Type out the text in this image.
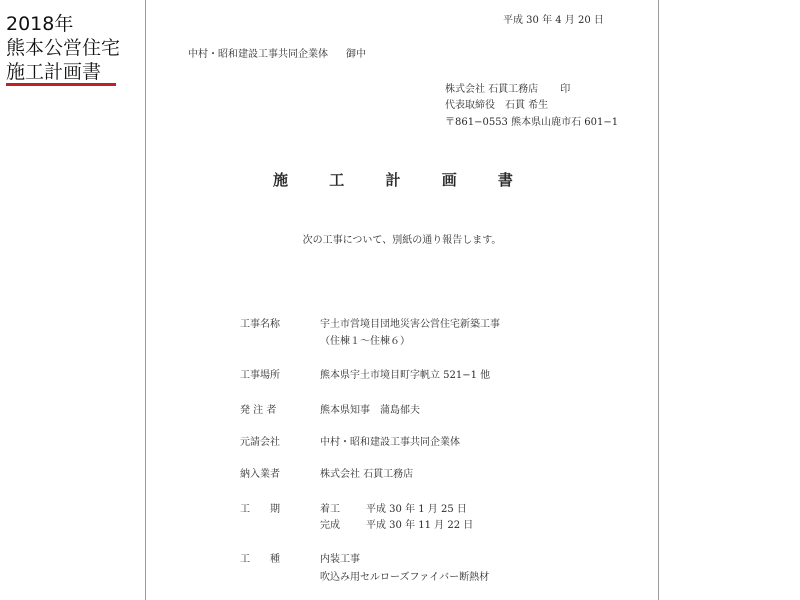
2018年
熊本公営住宅
施工計画書
平成 30 年 4 月 20 日
中村・昭和建設工事共同企業体 御中
株式会社 石貫工務店 印
代表取締役　石貫 希生
〒861−0553 熊本県山鹿市石 601−1
施 工 計 画 書
次の工事について、別紙の通り報告します。
工事名称	宇土市営境目団地災害公営住宅新築工事
（住棟１～住棟６）
工事場所	熊本県宇土市境目町字帆立 521−1 他
発 注 者	熊本県知事　蒲島郁夫
元請会社	中村・昭和建設工事共同企業体
納入業者	株式会社 石貫工務店
工　　期	着工	平成 30 年 1 月 25 日
完成	平成 30 年 11 月 22 日
工　　種	内装工事
吹込み用セルローズファイバー断熱材
